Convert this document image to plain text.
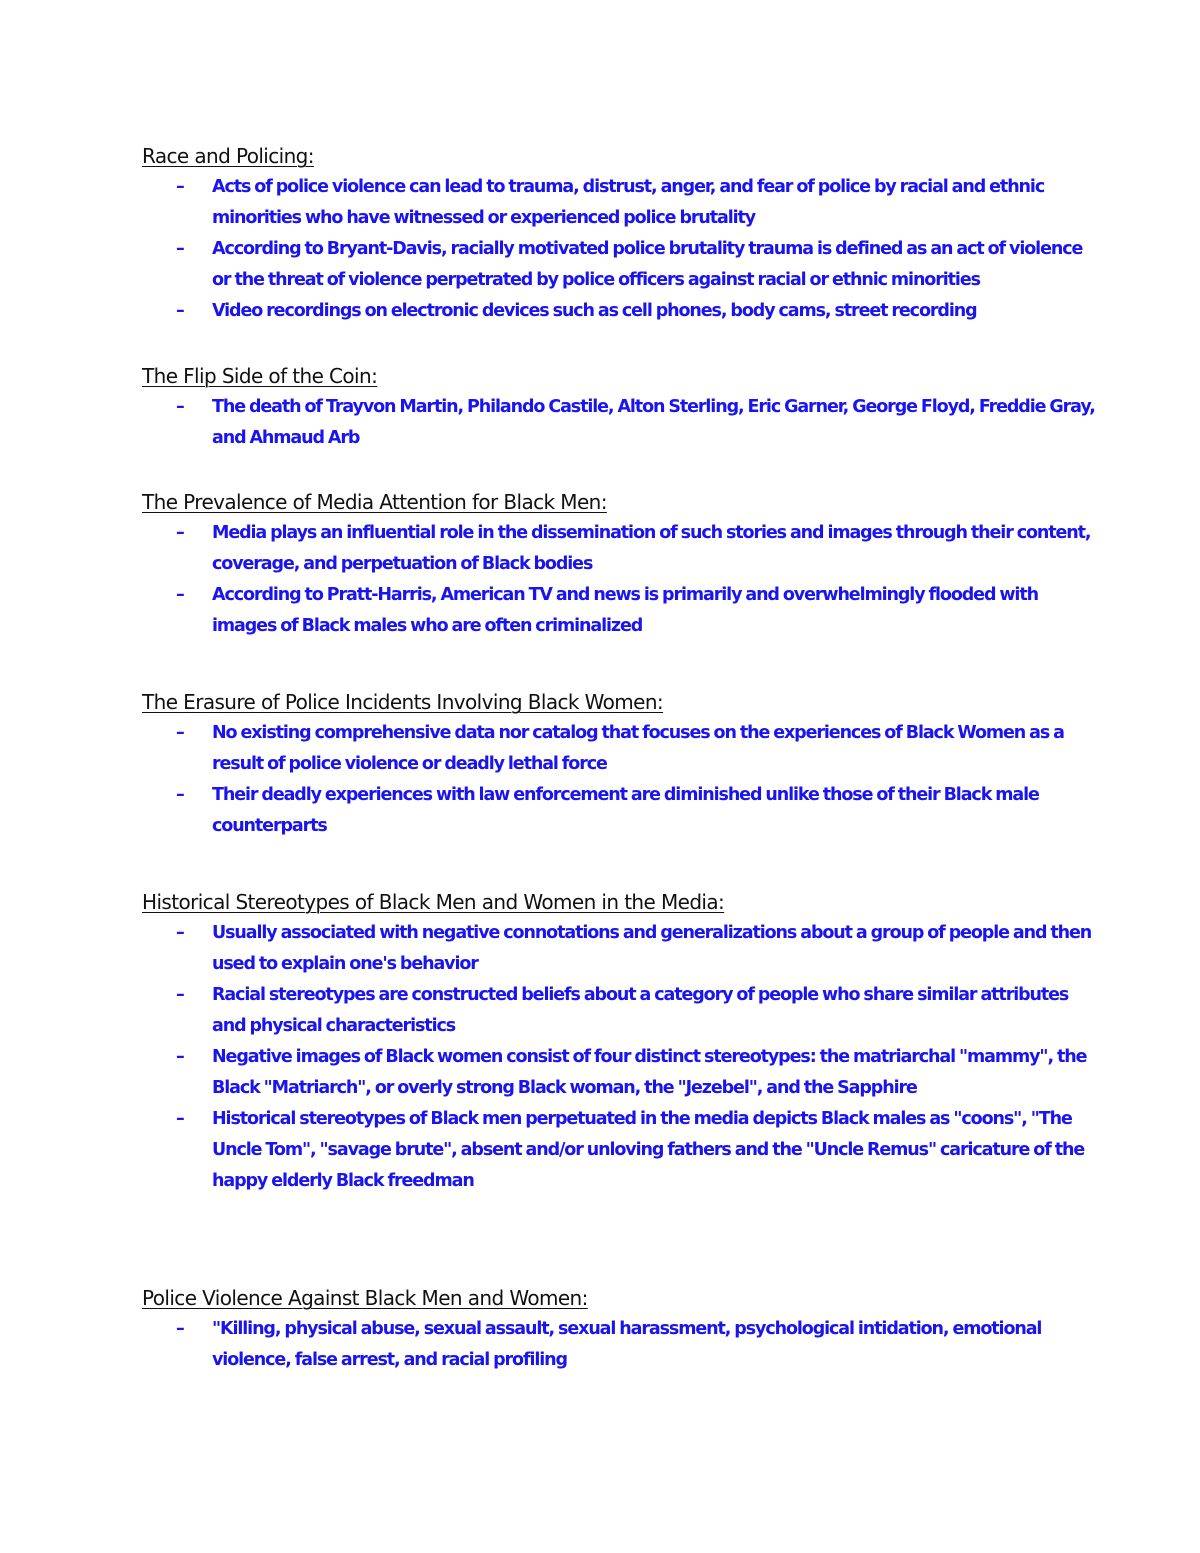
Race and Policing:
– Acts of police violence can lead to trauma, distrust, anger, and fear of police by racial and ethnic minorities who have witnessed or experienced police brutality
– According to Bryant-Davis, racially motivated police brutality trauma is defined as an act of violence or the threat of violence perpetrated by police officers against racial or ethnic minorities
– Video recordings on electronic devices such as cell phones, body cams, street recording
The Flip Side of the Coin:
– The death of Trayvon Martin, Philando Castile, Alton Sterling, Eric Garner, George Floyd, Freddie Gray, and Ahmaud Arb
The Prevalence of Media Attention for Black Men:
– Media plays an influential role in the dissemination of such stories and images through their content, coverage, and perpetuation of Black bodies
– According to Pratt-Harris, American TV and news is primarily and overwhelmingly flooded with images of Black males who are often criminalized
The Erasure of Police Incidents Involving Black Women:
– No existing comprehensive data nor catalog that focuses on the experiences of Black Women as a result of police violence or deadly lethal force
– Their deadly experiences with law enforcement are diminished unlike those of their Black male counterparts
Historical Stereotypes of Black Men and Women in the Media:
– Usually associated with negative connotations and generalizations about a group of people and then used to explain one's behavior
– Racial stereotypes are constructed beliefs about a category of people who share similar attributes and physical characteristics
– Negative images of Black women consist of four distinct stereotypes: the matriarchal "mammy", the Black "Matriarch", or overly strong Black woman, the "Jezebel", and the Sapphire
– Historical stereotypes of Black men perpetuated in the media depicts Black males as "coons", "The Uncle Tom", "savage brute", absent and/or unloving fathers and the "Uncle Remus" caricature of the happy elderly Black freedman
Police Violence Against Black Men and Women:
– "Killing, physical abuse, sexual assault, sexual harassment, psychological intidation, emotional violence, false arrest, and racial profiling
